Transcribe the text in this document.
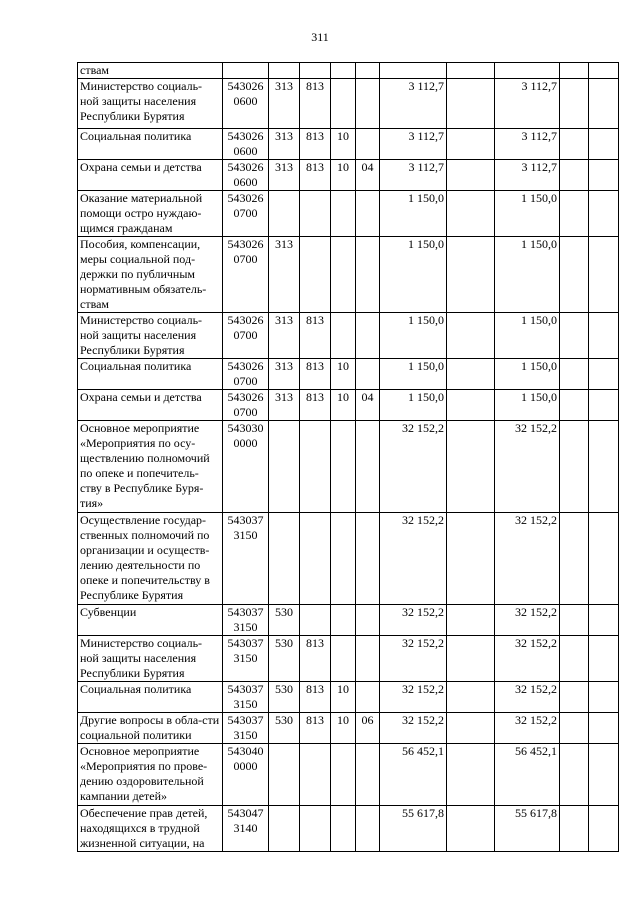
311
ствам										
Министерство социаль-ной защиты населения Республики Бурятия	543026 0600	313	813			3 112,7		3 112,7		
Социальная политика	543026 0600	313	813	10		3 112,7		3 112,7		
Охрана семьи и детства	543026 0600	313	813	10	04	3 112,7		3 112,7		
Оказание материальной помощи остро нуждаю-щимся гражданам	543026 0700					1 150,0		1 150,0		
Пособия, компенсации, меры социальной под-держки по публичным нормативным обязатель-ствам	543026 0700	313				1 150,0		1 150,0		
Министерство социаль-ной защиты населения Республики Бурятия	543026 0700	313	813			1 150,0		1 150,0		
Социальная политика	543026 0700	313	813	10		1 150,0		1 150,0		
Охрана семьи и детства	543026 0700	313	813	10	04	1 150,0		1 150,0		
Основное мероприятие «Мероприятия по осу-ществлению полномочий по опеке и попечитель-ству в Республике Буря-тия»	543030 0000					32 152,2		32 152,2		
Осуществление государ-ственных полномочий по организации и осуществ-лению деятельности по опеке и попечительству в Республике Бурятия	543037 3150					32 152,2		32 152,2		
Субвенции	543037 3150	530				32 152,2		32 152,2		
Министерство социаль-ной защиты населения Республики Бурятия	543037 3150	530	813			32 152,2		32 152,2		
Социальная политика	543037 3150	530	813	10		32 152,2		32 152,2		
Другие вопросы в обла-сти социальной политики	543037 3150	530	813	10	06	32 152,2		32 152,2		
Основное мероприятие «Мероприятия по прове-дению оздоровительной кампании детей»	543040 0000					56 452,1		56 452,1		
Обеспечение прав детей, находящихся в трудной жизненной ситуации, на	543047 3140					55 617,8		55 617,8		
